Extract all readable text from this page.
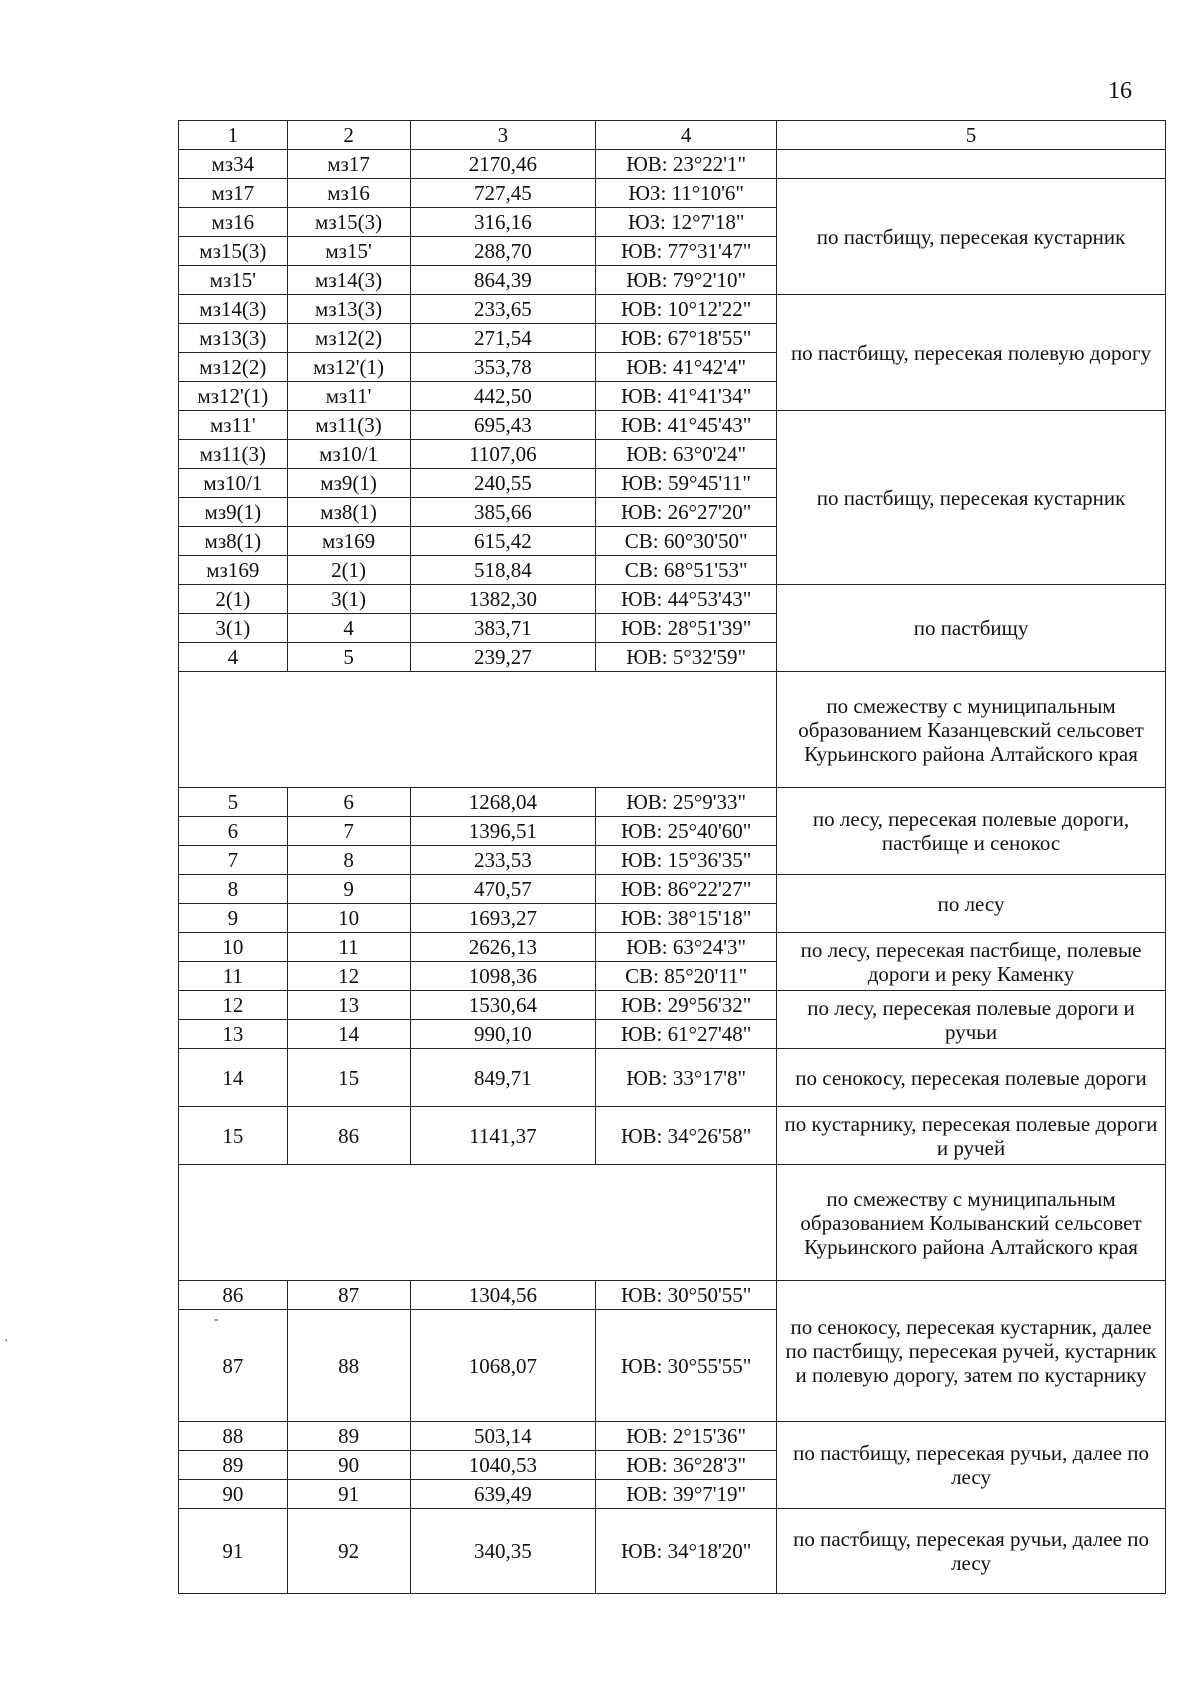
16
1	2	3	4	5
мз34	мз17	2170,46	ЮВ: 23°22'1"	
мз17	мз16	727,45	ЮЗ: 11°10'6"	по пастбищу, пересекая кустарник
мз16	мз15(3)	316,16	ЮЗ: 12°7'18"	
мз15(3)	мз15'	288,70	ЮВ: 77°31'47"	
мз15'	мз14(3)	864,39	ЮВ: 79°2'10"	
мз14(3)	мз13(3)	233,65	ЮВ: 10°12'22"	по пастбищу, пересекая полевую дорогу
мз13(3)	мз12(2)	271,54	ЮВ: 67°18'55"	
мз12(2)	мз12'(1)	353,78	ЮВ: 41°42'4"	
мз12'(1)	мз11'	442,50	ЮВ: 41°41'34"	
мз11'	мз11(3)	695,43	ЮВ: 41°45'43"	по пастбищу, пересекая кустарник
мз11(3)	мз10/1	1107,06	ЮВ: 63°0'24"	
мз10/1	мз9(1)	240,55	ЮВ: 59°45'11"	
мз9(1)	мз8(1)	385,66	ЮВ: 26°27'20"	
мз8(1)	мз169	615,42	СВ: 60°30'50"	
мз169	2(1)	518,84	СВ: 68°51'53"	
2(1)	3(1)	1382,30	ЮВ: 44°53'43"	по пастбищу
3(1)	4	383,71	ЮВ: 28°51'39"	
4	5	239,27	ЮВ: 5°32'59"	
				по смежеству с муниципальным образованием Казанцевский сельсовет Курьинского района Алтайского края
5	6	1268,04	ЮВ: 25°9'33"	по лесу, пересекая полевые дороги, пастбище и сенокос
6	7	1396,51	ЮВ: 25°40'60"	
7	8	233,53	ЮВ: 15°36'35"	
8	9	470,57	ЮВ: 86°22'27"	по лесу
9	10	1693,27	ЮВ: 38°15'18"	
10	11	2626,13	ЮВ: 63°24'3"	по лесу, пересекая пастбище, полевые дороги и реку Каменку
11	12	1098,36	СВ: 85°20'11"	
12	13	1530,64	ЮВ: 29°56'32"	по лесу, пересекая полевые дороги и ручьи
13	14	990,10	ЮВ: 61°27'48"	
14	15	849,71	ЮВ: 33°17'8"	по сенокосу, пересекая полевые дороги
15	86	1141,37	ЮВ: 34°26'58"	по кустарнику, пересекая полевые дороги и ручей
				по смежеству с муниципальным образованием Колыванский сельсовет Курьинского района Алтайского края
86	87	1304,56	ЮВ: 30°50'55"	по сенокосу, пересекая кустарник, далее по пастбищу, пересекая ручей, кустарник и полевую дорогу, затем по кустарнику
87	88	1068,07	ЮВ: 30°55'55"	
88	89	503,14	ЮВ: 2°15'36"	по пастбищу, пересекая ручьи, далее по лесу
89	90	1040,53	ЮВ: 36°28'3"	
90	91	639,49	ЮВ: 39°7'19"	
91	92	340,35	ЮВ: 34°18'20"	по пастбищу, пересекая ручьи, далее по лесу
·
-
